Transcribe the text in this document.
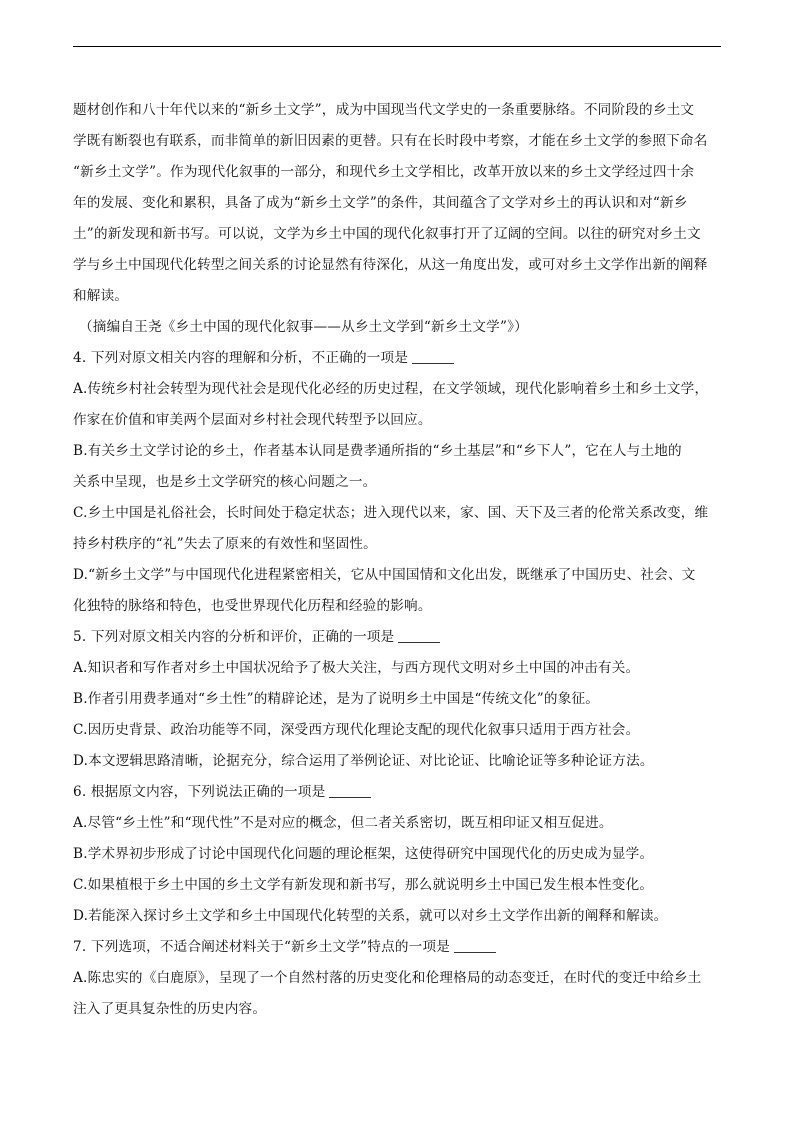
题材创作和八十年代以来的“新乡土文学”，成为中国现当代文学史的一条重要脉络。不同阶段的乡土文
学既有断裂也有联系，而非简单的新旧因素的更替。只有在长时段中考察，才能在乡土文学的参照下命名
“新乡土文学”。作为现代化叙事的一部分，和现代乡土文学相比，改革开放以来的乡土文学经过四十余
年的发展、变化和累积，具备了成为“新乡土文学”的条件，其间蕴含了文学对乡土的再认识和对“新乡
土”的新发现和新书写。可以说，文学为乡土中国的现代化叙事打开了辽阔的空间。以往的研究对乡土文
学与乡土中国现代化转型之间关系的讨论显然有待深化，从这一角度出发，或可对乡土文学作出新的阐释
和解读。
（摘编自王尧《乡土中国的现代化叙事——从乡土文学到“新乡土文学”》）
4. 下列对原文相关内容的理解和分析，不正确的一项是
A.传统乡村社会转型为现代社会是现代化必经的历史过程，在文学领域，现代化影响着乡土和乡土文学，
作家在价值和审美两个层面对乡村社会现代转型予以回应。
B.有关乡土文学讨论的乡土，作者基本认同是费孝通所指的“乡土基层”和“乡下人”，它在人与土地的
关系中呈现，也是乡土文学研究的核心问题之一。
C.乡土中国是礼俗社会，长时间处于稳定状态；进入现代以来，家、国、天下及三者的伦常关系改变，维
持乡村秩序的“礼”失去了原来的有效性和坚固性。
D.“新乡土文学”与中国现代化进程紧密相关，它从中国国情和文化出发，既继承了中国历史、社会、文
化独特的脉络和特色，也受世界现代化历程和经验的影响。
5. 下列对原文相关内容的分析和评价，正确的一项是
A.知识者和写作者对乡土中国状况给予了极大关注，与西方现代文明对乡土中国的冲击有关。
B.作者引用费孝通对“乡土性”的精辟论述，是为了说明乡土中国是“传统文化”的象征。
C.因历史背景、政治功能等不同，深受西方现代化理论支配的现代化叙事只适用于西方社会。
D.本文逻辑思路清晰，论据充分，综合运用了举例论证、对比论证、比喻论证等多种论证方法。
6. 根据原文内容，下列说法正确的一项是
A.尽管“乡土性”和“现代性”不是对应的概念，但二者关系密切，既互相印证又相互促进。
B.学术界初步形成了讨论中国现代化问题的理论框架，这使得研究中国现代化的历史成为显学。
C.如果植根于乡土中国的乡土文学有新发现和新书写，那么就说明乡土中国已发生根本性变化。
D.若能深入探讨乡土文学和乡土中国现代化转型的关系，就可以对乡土文学作出新的阐释和解读。
7. 下列选项，不适合阐述材料关于“新乡土文学”特点的一项是
A.陈忠实的《白鹿原》，呈现了一个自然村落的历史变化和伦理格局的动态变迁，在时代的变迁中给乡土
注入了更具复杂性的历史内容。
